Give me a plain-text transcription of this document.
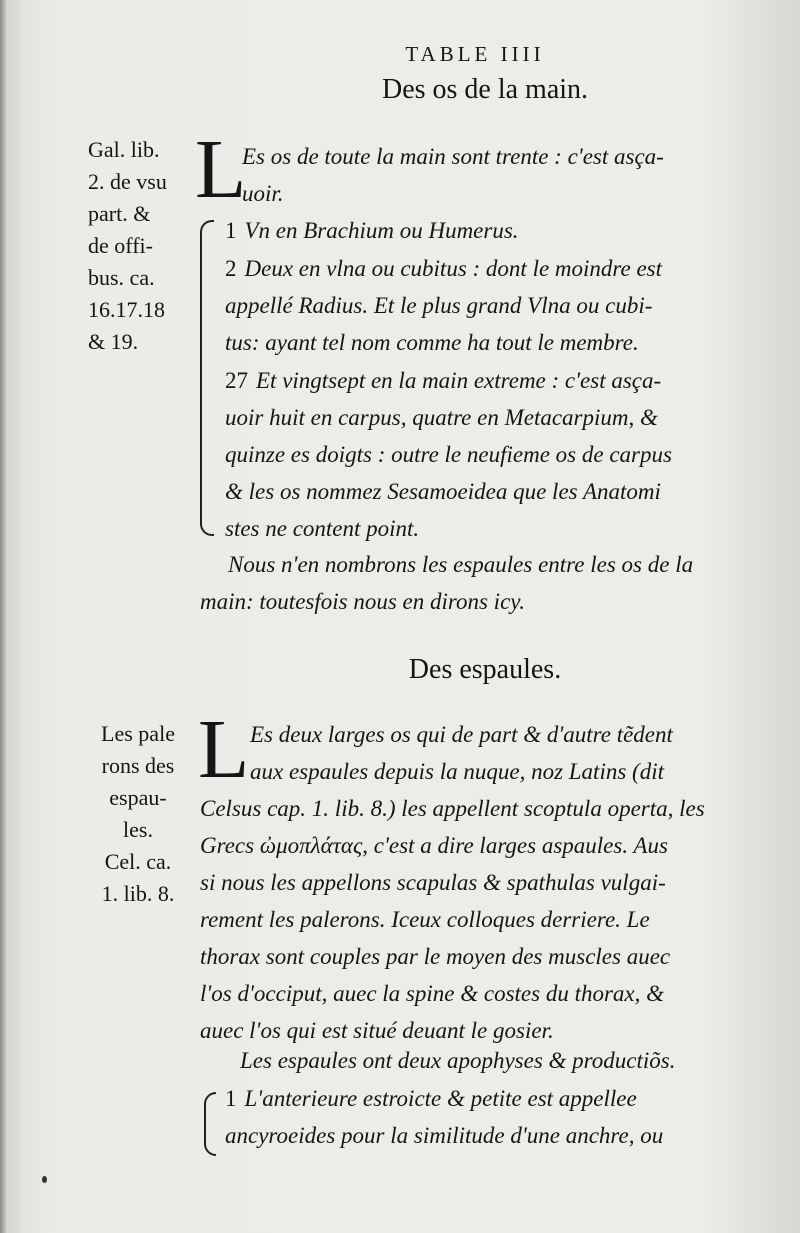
TABLE IIII
Des os de la main.
Gal. lib.
2. de vsu
part. &
de offi-
bus. ca.
16.17.18
& 19.
L
Es os de toute la main sont trente : c'est asça-
uoir.
1 Vn en Brachium ou Humerus.
2 Deux en vlna ou cubitus : dont le moindre est
appellé Radius. Et le plus grand Vlna ou cubi-
tus: ayant tel nom comme ha tout le membre.
27 Et vingtsept en la main extreme : c'est asça-
uoir huit en carpus, quatre en Metacarpium, &
quinze es doigts : outre le neufieme os de carpus
& les os nommez Sesamoeidea que les Anatomi
stes ne content point.
Nous n'en nombrons les espaules entre les os de la
main: toutesfois nous en dirons icy.
Des espaules.
Les pale
rons des
espau-
les.
Cel. ca.
1. lib. 8.
L Es deux larges os qui de part & d'autre tẽdent
aux espaules depuis la nuque, noz Latins (dit
Celsus cap. 1. lib. 8.) les appellent scoptula operta, les
Grecs ὠμοπλάτας, c'est a dire larges aspaules. Aus
si nous les appellons scapulas & spathulas vulgai-
rement les palerons. Iceux colloques derriere. Le
thorax sont couples par le moyen des muscles auec
l'os d'occiput, auec la spine & costes du thorax, &
auec l'os qui est situé deuant le gosier.
Les espaules ont deux apophyses & productiõs.
1 L'anterieure estroicte & petite est appellee
ancyroeides pour la similitude d'une anchre, ou
